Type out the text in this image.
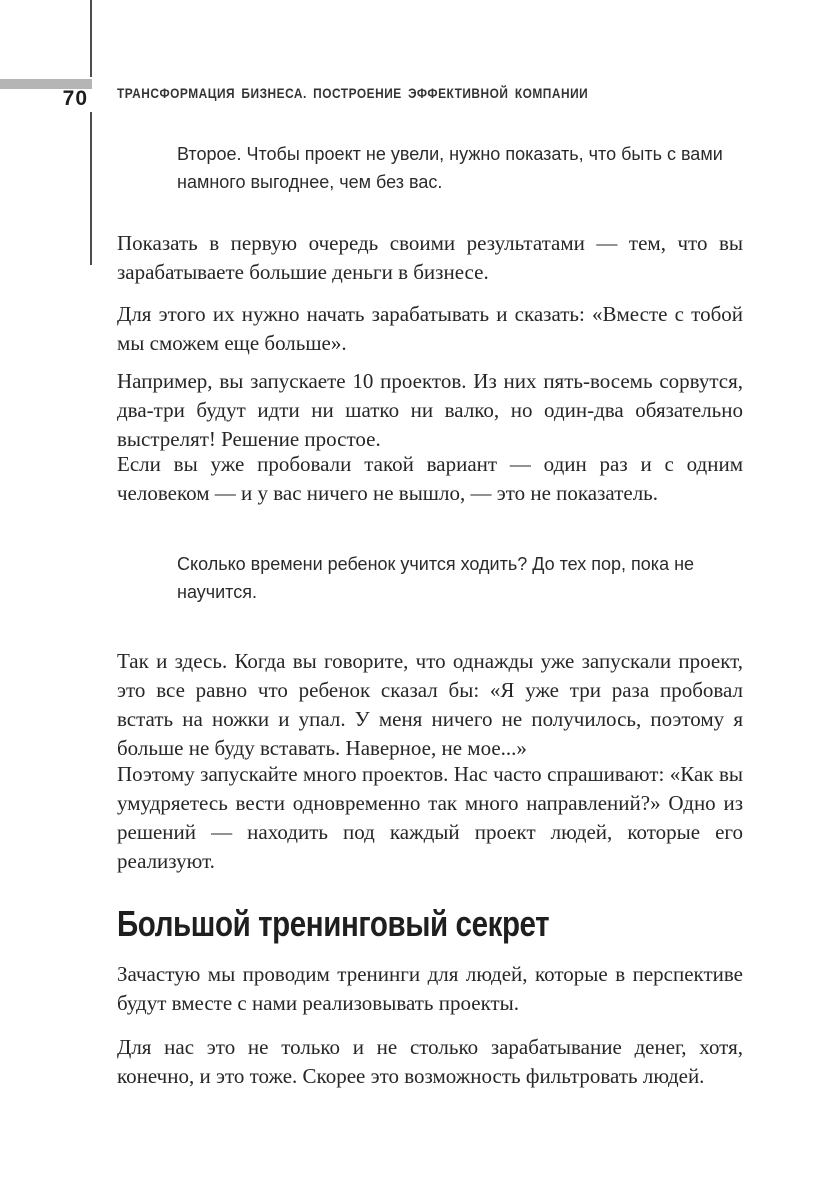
70 ТРАНСФОРМАЦИЯ БИЗНЕСА. ПОСТРОЕНИЕ ЭФФЕКТИВНОЙ КОМПАНИИ
Второе. Чтобы проект не увели, нужно показать, что быть с вами намного выгоднее, чем без вас.

Показать в первую очередь своими результатами — тем, что вы зарабатываете большие деньги в бизнесе.

Для этого их нужно начать зарабатывать и сказать: «Вместе с тобой мы сможем еще больше».

Например, вы запускаете 10 проектов. Из них пять-восемь сорвутся, два-три будут идти ни шатко ни валко, но один-два обязательно выстрелят! Решение простое.

Если вы уже пробовали такой вариант — один раз и с одним человеком — и у вас ничего не вышло, — это не показатель.

Сколько времени ребенок учится ходить? До тех пор, пока не научится.

Так и здесь. Когда вы говорите, что однажды уже запускали проект, это все равно что ребенок сказал бы: «Я уже три раза пробовал встать на ножки и упал. У меня ничего не получилось, поэтому я больше не буду вставать. Наверное, не мое...»

Поэтому запускайте много проектов. Нас часто спрашивают: «Как вы умудряетесь вести одновременно так много направлений?» Одно из решений — находить под каждый проект людей, которые его реализуют.

Большой тренинговый секрет

Зачастую мы проводим тренинги для людей, которые в перспективе будут вместе с нами реализовывать проекты.

Для нас это не только и не столько зарабатывание денег, хотя, конечно, и это тоже. Скорее это возможность фильтровать людей.
